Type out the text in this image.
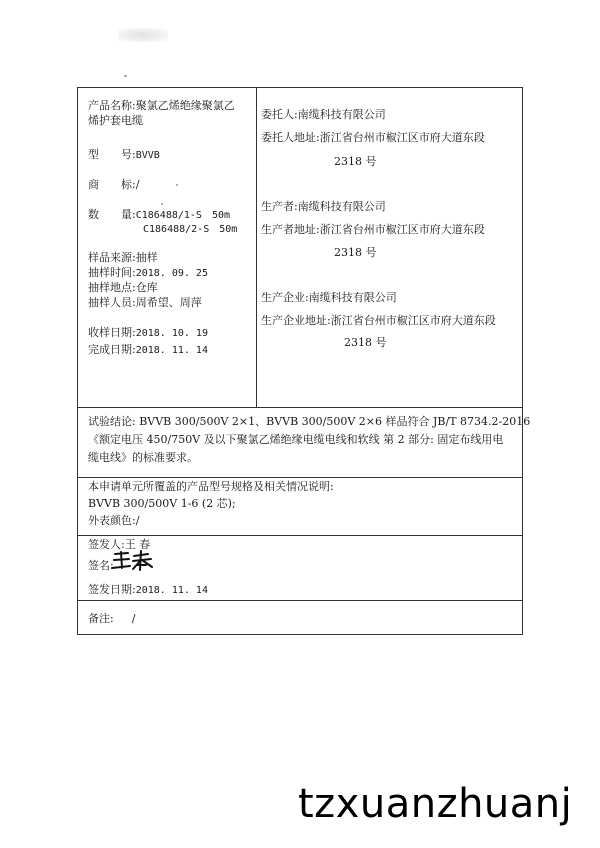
产品名称:聚氯乙烯绝缘聚氯乙
烯护套电缆
型　　号:BVVB
商　　标:/
数　　量:C186488/1-S　50m
C186488/2-S　50m
样品来源:抽样
抽样时间:2018. 09. 25
抽样地点:仓库
抽样人员:周希望、周萍
收样日期:2018. 10. 19
完成日期:2018. 11. 14
委托人:南缆科技有限公司
委托人地址:浙江省台州市椒江区市府大道东段
2318 号
生产者:南缆科技有限公司
生产者地址:浙江省台州市椒江区市府大道东段
2318 号
生产企业:南缆科技有限公司
生产企业地址:浙江省台州市椒江区市府大道东段
2318 号
试验结论: BVVB 300/500V 2×1、BVVB 300/500V 2×6 样品符合 JB/T 8734.2-2016
《额定电压 450/750V 及以下聚氯乙烯绝缘电缆电线和软线 第 2 部分: 固定布线用电
缆电线》的标准要求。
本申请单元所覆盖的产品型号规格及相关情况说明:
BVVB 300/500V 1-6 (2 芯);
外表颜色:/
签发人:王 春
签名:
签发日期:2018. 11. 14
备注: /
tzxuanzhuanj
